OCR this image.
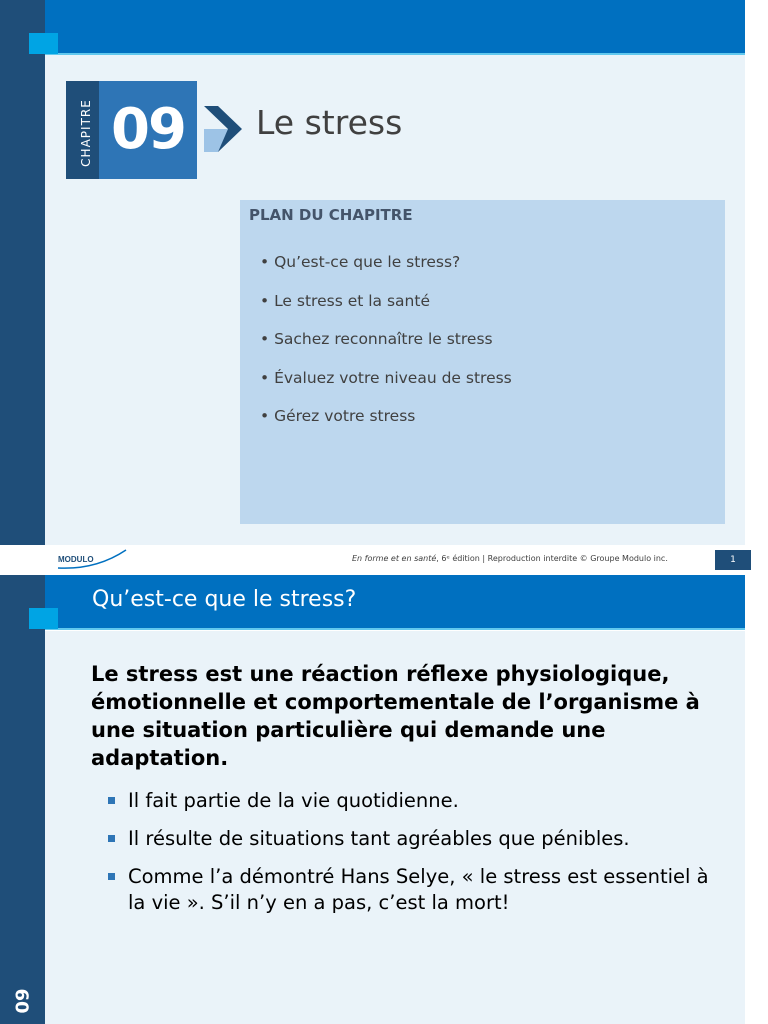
CHAPITRE 09	Le stress
PLAN DU CHAPITRE
• Qu’est-ce que le stress?
• Le stress et la santé
• Sachez reconnaître le stress
• Évaluez votre niveau de stress
• Gérez votre stress
MODULO	En forme et en santé, 6ᵉ édition | Reproduction interdite © Groupe Modulo inc.	1
Qu’est-ce que le stress?
Le stress est une réaction réflexe physiologique, émotionnelle et comportementale de l’organisme à une situation particulière qui demande une adaptation.
Il fait partie de la vie quotidienne.
Il résulte de situations tant agréables que pénibles.
Comme l’a démontré Hans Selye, « le stress est essentiel à la vie ». S’il n’y en a pas, c’est la mort!
09
